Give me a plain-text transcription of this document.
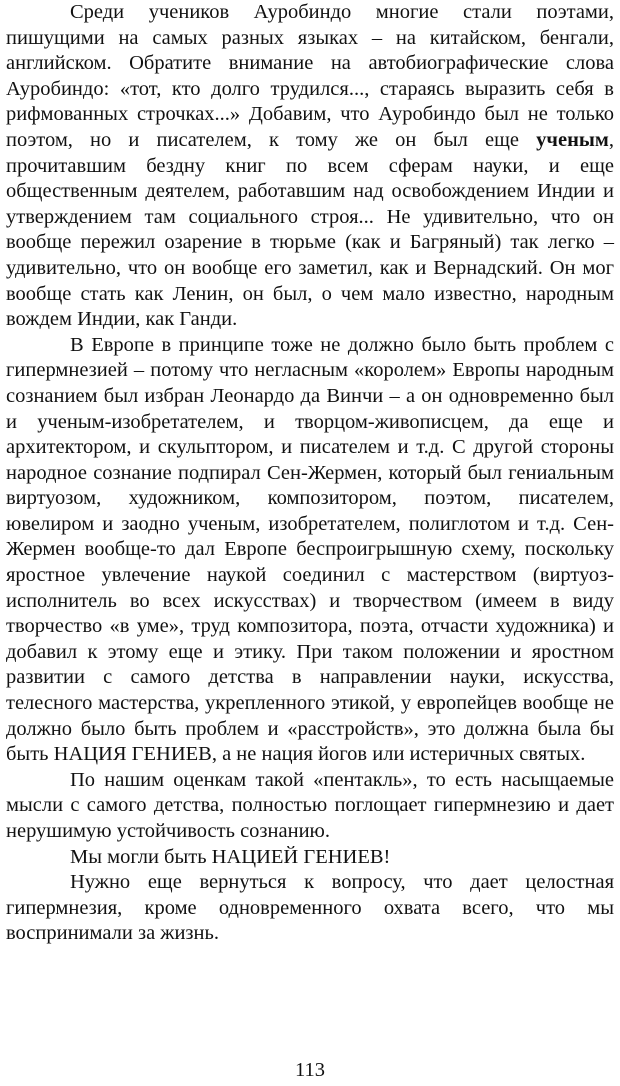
Среди учеников Ауробиндо многие стали поэтами, пишущими на самых разных языках – на китайском, бенгали, английском. Обратите внимание на автобиографические слова Ауробиндо: «тот, кто долго трудился..., стараясь выразить себя в рифмованных строчках...» Добавим, что Ауробиндо был не только поэтом, но и писателем, к тому же он был еще ученым, прочитавшим бездну книг по всем сферам науки, и еще общественным деятелем, работавшим над освобождением Индии и утверждением там социального строя... Не удивительно, что он вообще пережил озарение в тюрьме (как и Багряный) так легко – удивительно, что он вообще его заметил, как и Вернадский. Он мог вообще стать как Ленин, он был, о чем мало известно, народным вождем Индии, как Ганди.

В Европе в принципе тоже не должно было быть проблем с гипермнезией – потому что негласным «королем» Европы народным сознанием был избран Леонардо да Винчи – а он одновременно был и ученым-изобретателем, и творцом-живописцем, да еще и архитектором, и скульптором, и писателем и т.д. С другой стороны народное сознание подпирал Сен-Жермен, который был гениальным виртуозом, художником, композитором, поэтом, писателем, ювелиром и заодно ученым, изобретателем, полиглотом и т.д. Сен-Жермен вообще-то дал Европе беспроигрышную схему, поскольку яростное увлечение наукой соединил с мастерством (виртуоз-исполнитель во всех искусствах) и творчеством (имеем в виду творчество «в уме», труд композитора, поэта, отчасти художника) и добавил к этому еще и этику. При таком положении и яростном развитии с самого детства в направлении науки, искусства, телесного мастерства, укрепленного этикой, у европейцев вообще не должно было быть проблем и «расстройств», это должна была бы быть НАЦИЯ ГЕНИЕВ, а не нация йогов или истеричных святых.

По нашим оценкам такой «пентакль», то есть насыщаемые мысли с самого детства, полностью поглощает гипермнезию и дает нерушимую устойчивость сознанию.

Мы могли быть НАЦИЕЙ ГЕНИЕВ!

Нужно еще вернуться к вопросу, что дает целостная гипермнезия, кроме одновременного охвата всего, что мы воспринимали за жизнь.

113
